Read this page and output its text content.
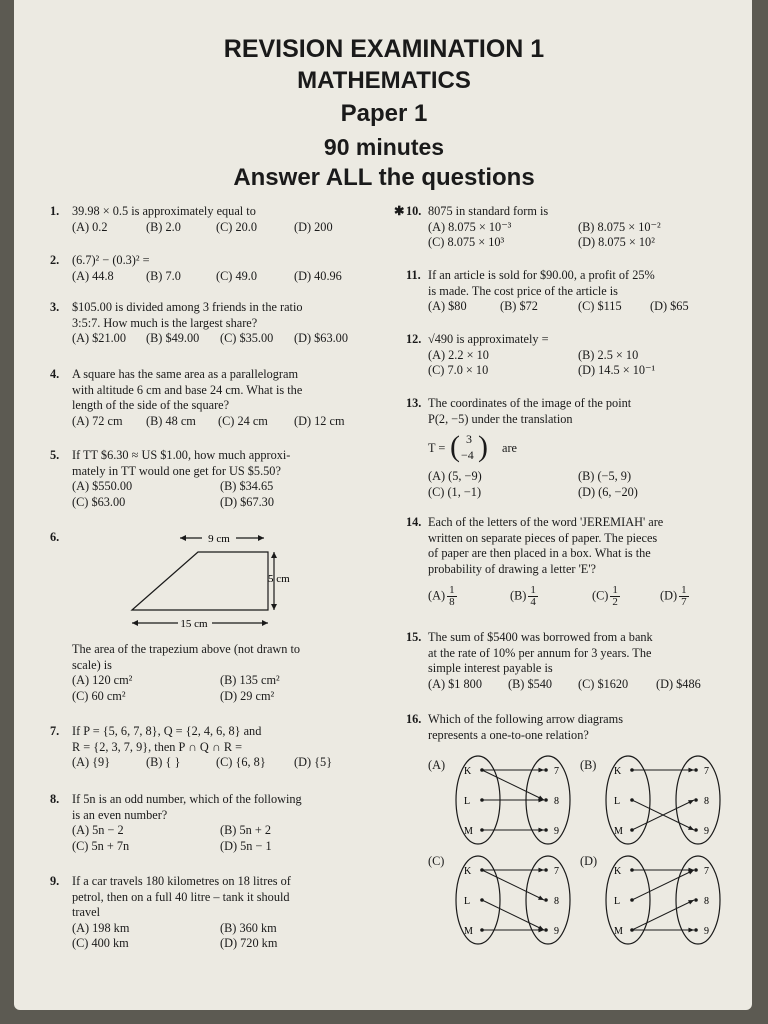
REVISION EXAMINATION 1
MATHEMATICS
Paper 1
90 minutes
Answer ALL the questions
1. 39.98 × 0.5 is approximately equal to
(A) 0.2	(B) 2.0	(C) 20.0	(D) 200
2. (6.7)² − (0.3)² =
(A) 44.8	(B) 7.0	(C) 49.0	(D) 40.96
3. $105.00 is divided among 3 friends in the ratio
3:5:7. How much is the largest share?
(A) $21.00 (B) $49.00 (C) $35.00 (D) $63.00
4. A square has the same area as a parallelogram
with altitude 6 cm and base 24 cm. What is the
length of the side of the square?
(A) 72 cm (B) 48 cm (C) 24 cm (D) 12 cm
5. If TT $6.30 ≈ US $1.00, how much approxi-
mately in TT would one get for US $5.50?
(A) $550.00	(B) $34.65
(C) $63.00	(D) $67.30
6.	9 cm
5 cm
15 cm
The area of the trapezium above (not drawn to
scale) is
(A) 120 cm²	(B) 135 cm²
(C) 60 cm²	(D) 29 cm²
7. If P = {5, 6, 7, 8}, Q = {2, 4, 6, 8} and
R = {2, 3, 7, 9}, then P ∩ Q ∩ R =
(A) {9}	(B) { }	(C) {6, 8} (D) {5}
8. If 5n is an odd number, which of the following
is an even number?
(A) 5n − 2	(B) 5n + 2
(C) 5n + 7n	(D) 5n − 1
9. If a car travels 180 kilometres on 18 litres of
petrol, then on a full 40 litre – tank it should
travel
(A) 198 km	(B) 360 km
(C) 400 km	(D) 720 km
✱ 10. 8075 in standard form is
(A) 8.075 × 10⁻³	(B) 8.075 × 10⁻²
(C) 8.075 × 10³	(D) 8.075 × 10²
11. If an article is sold for $90.00, a profit of 25%
is made. The cost price of the article is
(A) $80	(B) $72	(C) $115 (D) $65
12. √490 is approximately =
(A) 2.2 × 10	(B) 2.5 × 10
(C) 7.0 × 10	(D) 14.5 × 10⁻¹
13. The coordinates of the image of the point
P(2, −5) under the translation
T = ( 3
−4 ) are
(A) (5, −9)	(B) (−5, 9)
(C) (1, −1)	(D) (6, −20)
14. Each of the letters of the word 'JEREMIAH' are
written on separate pieces of paper. The pieces
of paper are then placed in a box. What is the
probability of drawing a letter 'E'?
$(A) \frac{1}{8}$	$(B) \frac{1}{4}$	$(C) \frac{1}{2}$	$(D) \frac{1}{7}$
15. The sum of $5400 was borrowed from a bank
at the rate of 10% per annum for 3 years. The
simple interest payable is
(A) $1 800 (B) $540 (C) $1620 (D) $486
16. Which of the following arrow diagrams
represents a one-to-one relation?
(A)	(B)
(C)	(D)
K
L
M
7
8
9
K
L
M
7
8
9
K
L
M
7
8
9
K
L
M
7
8
9
